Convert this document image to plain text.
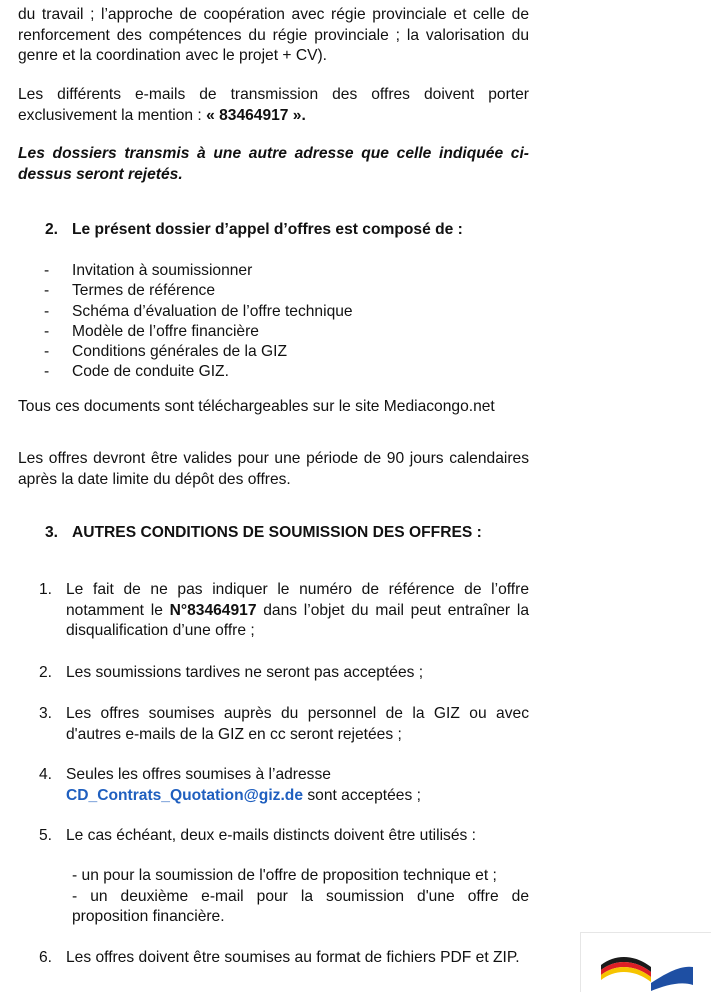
du travail ; l’approche de coopération avec régie provinciale et celle de

renforcement des compétences du régie provinciale ; la valorisation du

genre et la coordination avec le projet + CV).

Les différents e-mails de transmission des offres doivent porter exclusivement la mention : « 83464917 ».

Les dossiers transmis à une autre adresse que celle indiquée ci-dessus seront rejetés.

2. Le présent dossier d’appel d’offres est composé de :
-	Invitation à soumissionner
-	Termes de référence
-	Schéma d’évaluation de l’offre technique
-	Modèle de l’offre financière
-	Conditions générales de la GIZ
-	Code de conduite GIZ.

Tous ces documents sont téléchargeables sur le site Mediacongo.net

Les offres devront être valides pour une période de 90 jours calendaires après la date limite du dépôt des offres.

3. AUTRES CONDITIONS DE SOUMISSION DES OFFRES :
1. Le fait de ne pas indiquer le numéro de référence de l’offre notamment le N°83464917 dans l’objet du mail peut entraîner la disqualification d’une offre ;
2. Les soumissions tardives ne seront pas acceptées ;
3. Les offres soumises auprès du personnel de la GIZ ou avec d'autres e-mails de la GIZ en cc seront rejetées ;
4. Seules les offres soumises à l’adresse
CD_Contrats_Quotation@giz.de sont acceptées ;
5. Le cas échéant, deux e-mails distincts doivent être utilisés :
- un pour la soumission de l'offre de proposition technique et ;
- un deuxième e-mail pour la soumission d'une offre de proposition financière.
6. Les offres doivent être soumises au format de fichiers PDF et ZIP.
